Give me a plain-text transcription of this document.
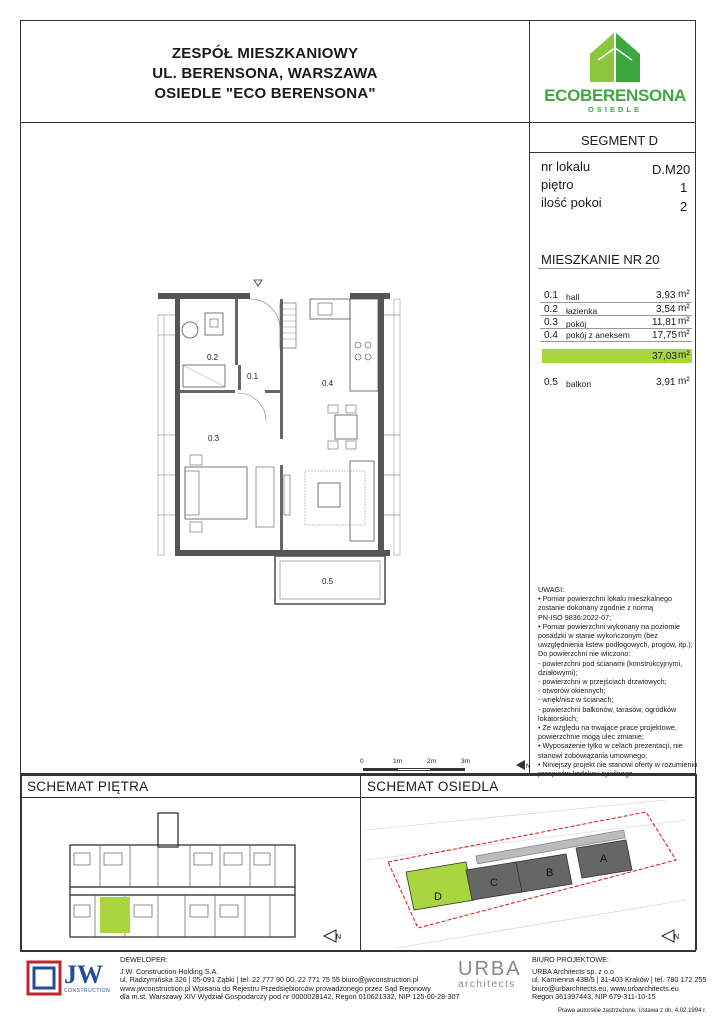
ZESPÓŁ MIESZKANIOWY
UL. BERENSONA, WARSZAWA
OSIEDLE "ECO BERENSONA"	ECOBERENSONA
OSIEDLE
SEGMENT D
nr lokalu	D.M20
piętro	1
ilość pokoi	2
MIESZKANIE NR 20
0.1 hall	3,93 m²
0.2 łazienka	3,54 m²
0.3 pokój	11,81 m²
0.4 pokój z aneksem 17,75 m²
37,03 m²
0.5 balkon	3,91 m²
0.1
0.2
0.3
0.4
0.5
UWAGI:
• Pomiar powierzchni lokalu mieszkalnego
zostanie dokonany zgodnie z normą
PN-ISO 9836:2022-07;
• Pomiar powierzchni wykonany na poziomie
posadzki w stanie wykończonym (bez
uwzględnienia listew podłogowych, progów, itp.);
Do powierzchni nie wliczono:
- powierzchni pod ścianami (konstrukcyjnymi,
działowymi);
- powierzchni w przejściach drzwiowych;
- otworów okiennych;
- wnęk/nisz w ścianach;
- powierzchni balkonów, tarasów, ogródków
lokatorskich;
• Ze względu na trwające prace projektowe,
powierzchnie mogą ulec zmianie;
• Wyposażenie tylko w celach prezentacji, nie
stanowi zobowiązania umownego;
• Niniejszy projekt nie stanowi oferty w rozumieniu
0	1m	2m	3m
N
SCHEMAT PIĘTRA	SCHEMAT OSIEDLA
N
D
C
B
A
N
JW
CONSTRUCTION
DEWELOPER:
J.W. Construction Holding S.A.
ul. Radzymińska 326 | 05-091 Ząbki | tel. 22 777 90 00, 22 771 75 55 biuro@jwconstruction.pl
www.jwconstruction.pl Wpisana do Rejestru Przedsiębiorców prowadzonego przez Sąd Rejonowy
dla m.st. Warszawy XIV Wydział Gospodarczy pod nr 0000028142, Regon 010621332, NIP 125-00-28-307
URBA
architects
BIURO PROJEKTOWE:
URBA Architects sp. z o.o
ul. Kamienna 43B/5 | 31-403 Kraków | tel. 780 172 255
biuro@urbarchitects.eu, www.urbarchitects.eu
Regon 361397443, NIP 679-311-10-15
Prawa autorskie zastrzeżone. Ustawa z dn. 4.02.1994 r.
